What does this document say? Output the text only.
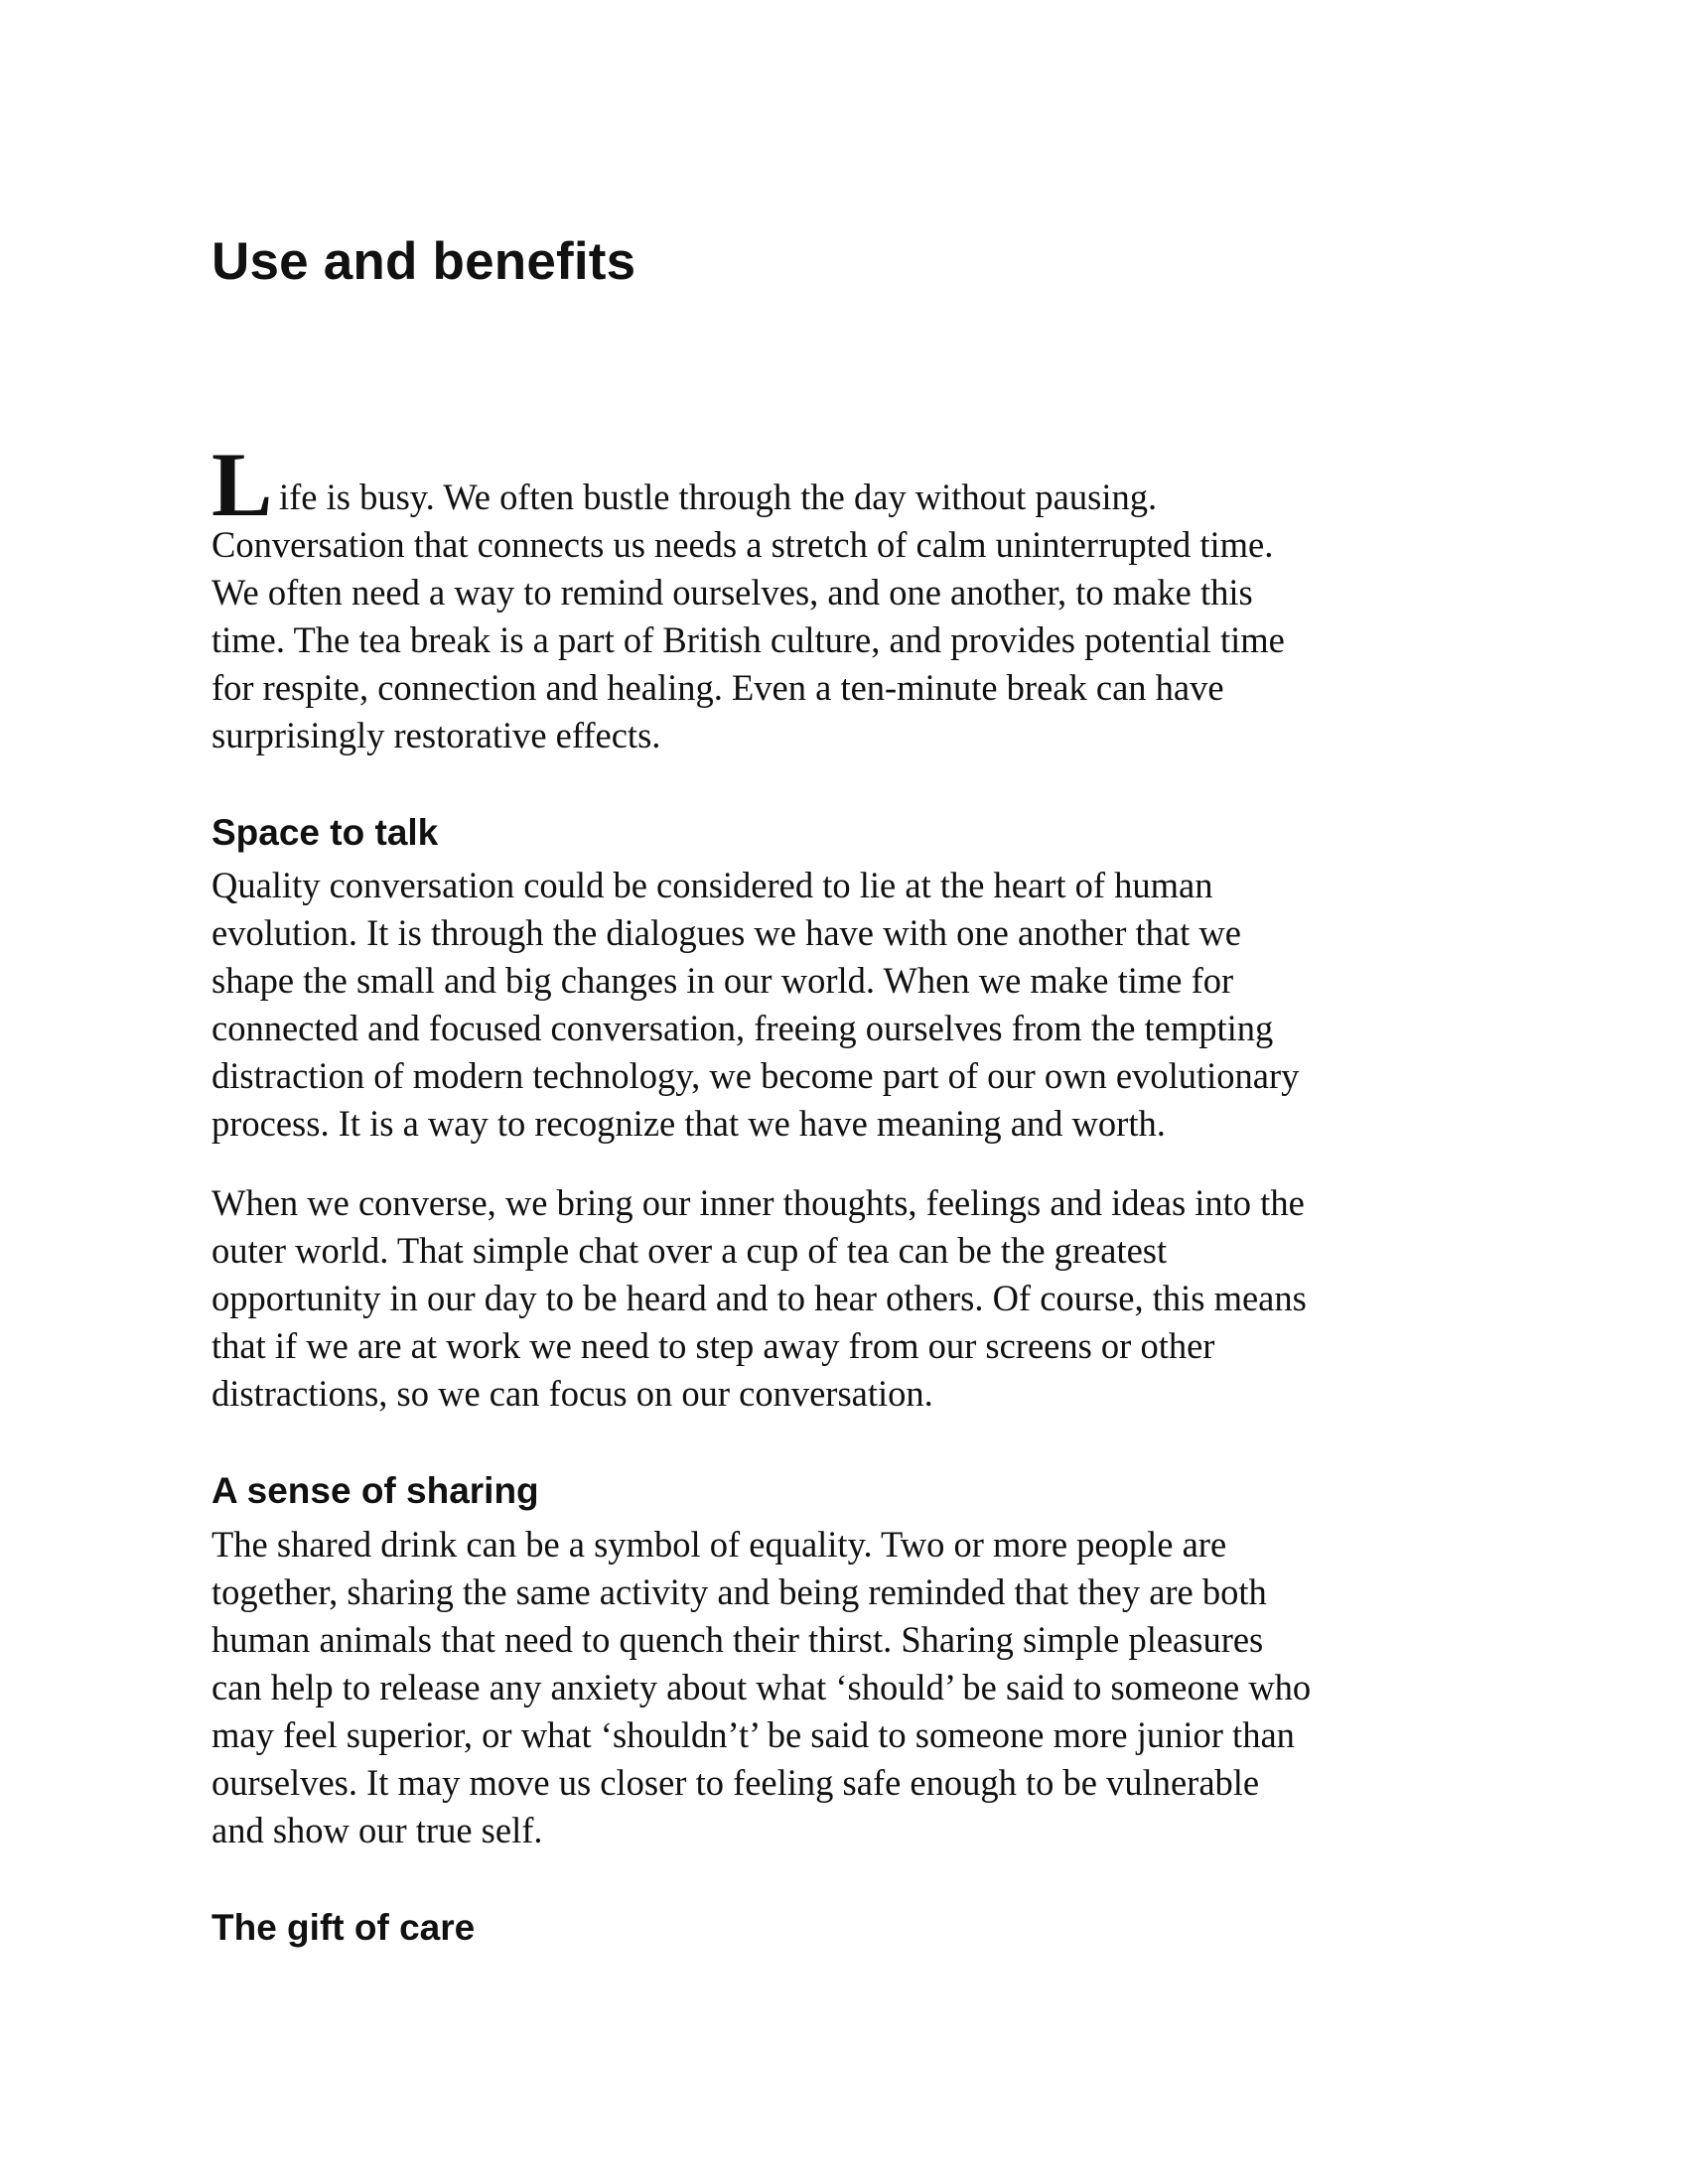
Use and benefits
L ife is busy. We often bustle through the day without pausing.
Conversation that connects us needs a stretch of calm uninterrupted time.
We often need a way to remind ourselves, and one another, to make this
time. The tea break is a part of British culture, and provides potential time
for respite, connection and healing. Even a ten-minute break can have
surprisingly restorative effects.

Space to talk

Quality conversation could be considered to lie at the heart of human
evolution. It is through the dialogues we have with one another that we
shape the small and big changes in our world. When we make time for
connected and focused conversation, freeing ourselves from the tempting
distraction of modern technology, we become part of our own evolutionary
process. It is a way to recognize that we have meaning and worth.

When we converse, we bring our inner thoughts, feelings and ideas into the
outer world. That simple chat over a cup of tea can be the greatest
opportunity in our day to be heard and to hear others. Of course, this means
that if we are at work we need to step away from our screens or other
distractions, so we can focus on our conversation.

A sense of sharing

The shared drink can be a symbol of equality. Two or more people are
together, sharing the same activity and being reminded that they are both
human animals that need to quench their thirst. Sharing simple pleasures
can help to release any anxiety about what ‘should’ be said to someone who
may feel superior, or what ‘shouldn’t’ be said to someone more junior than
ourselves. It may move us closer to feeling safe enough to be vulnerable
and show our true self.

The gift of care
